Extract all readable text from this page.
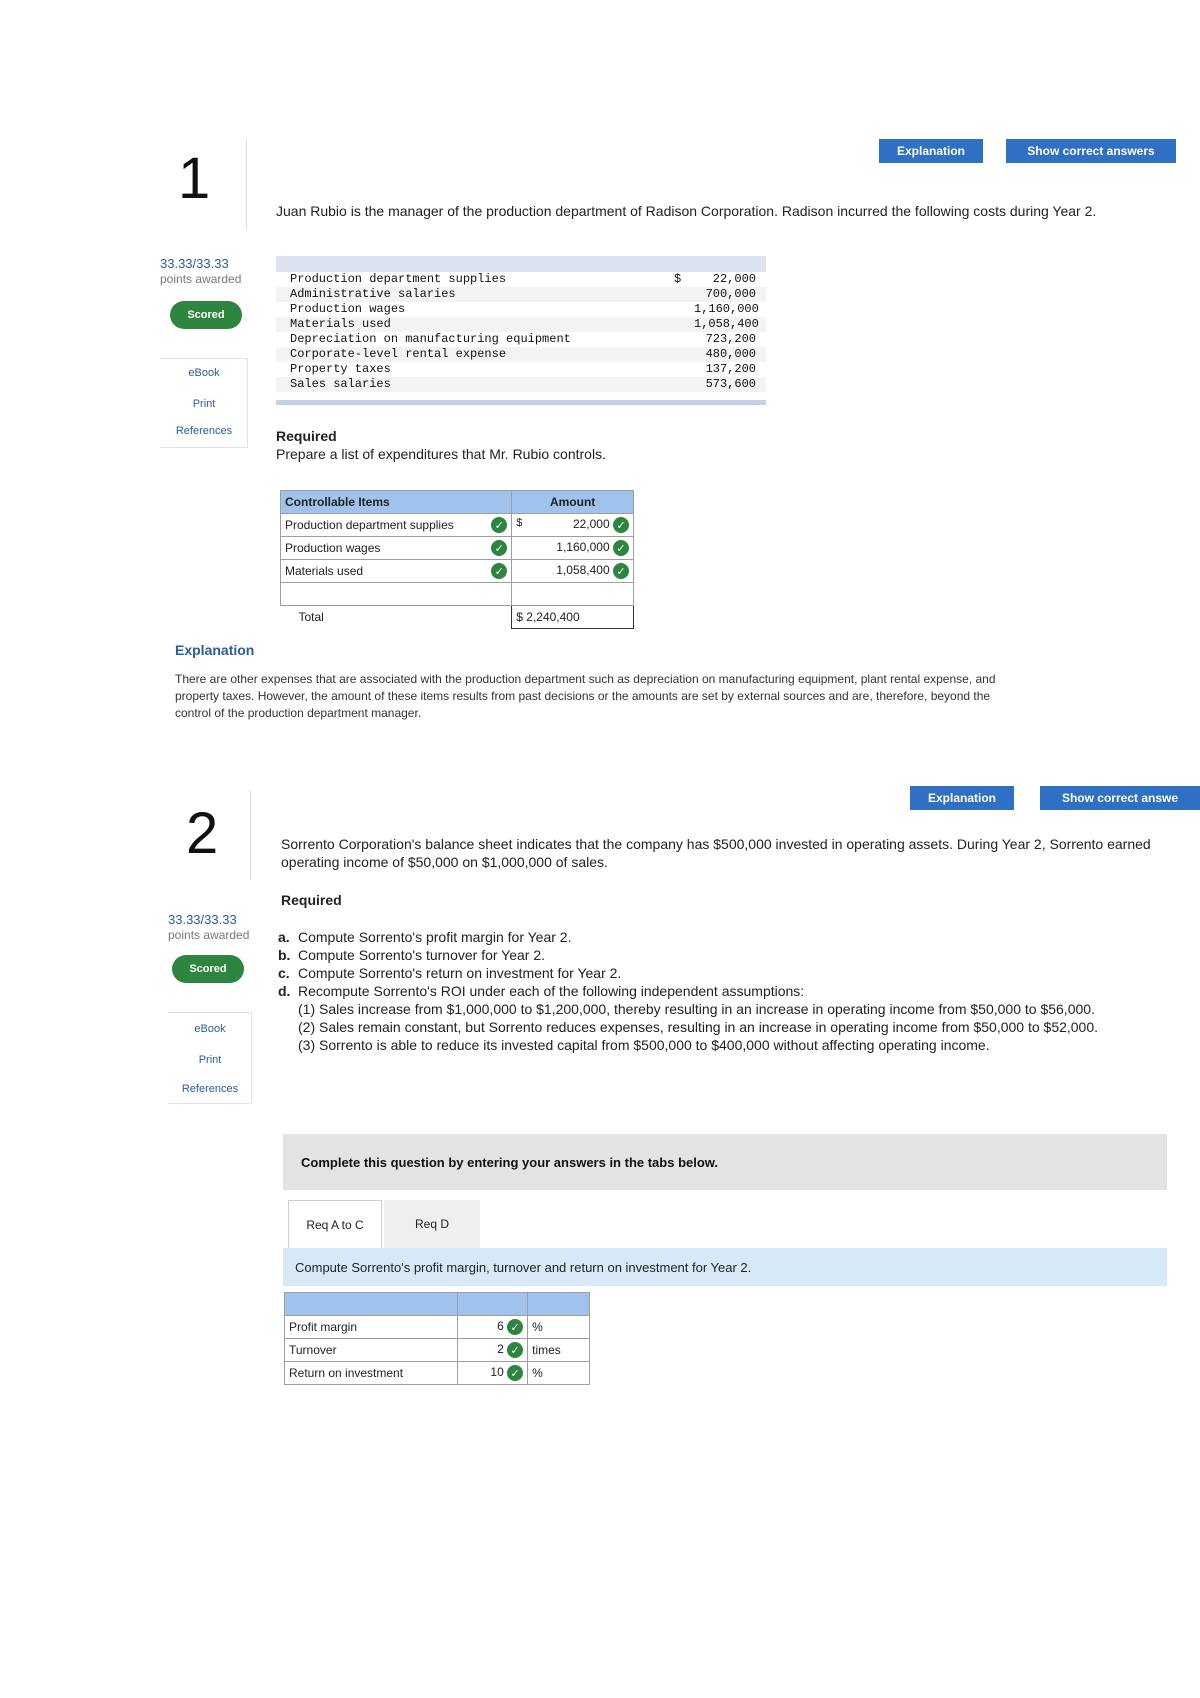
1
33.33/33.33
points awarded
Scored
eBook
Print
References
Explanation	Show correct answers
Juan Rubio is the manager of the production department of Radison Corporation. Radison incurred the following costs during Year 2.
Production department supplies	$	22,000
Administrative salaries	700,000
Production wages	1,160,000
Materials used	1,058,400
Depreciation on manufacturing equipment	723,200
Corporate-level rental expense	480,000
Property taxes	137,200
Sales salaries	573,600
Required
Prepare a list of expenditures that Mr. Rubio controls.
Controllable Items	Amount
Production department supplies ✓	$ 22,000 ✓
Production wages ✓	1,160,000 ✓
Materials used ✓	1,058,400 ✓

Total	$ 2,240,400
Explanation
There are other expenses that are associated with the production department such as depreciation on manufacturing equipment, plant rental expense, and property taxes. However, the amount of these items results from past decisions or the amounts are set by external sources and are, therefore, beyond the control of the production department manager.
2
33.33/33.33
points awarded
Scored
eBook
Print
References
Explanation	Show correct answe
Sorrento Corporation's balance sheet indicates that the company has $500,000 invested in operating assets. During Year 2, Sorrento earned operating income of $50,000 on $1,000,000 of sales.
Required
a. Compute Sorrento's profit margin for Year 2.
b. Compute Sorrento's turnover for Year 2.
c. Compute Sorrento's return on investment for Year 2.
d. Recompute Sorrento's ROI under each of the following independent assumptions:
(1) Sales increase from $1,000,000 to $1,200,000, thereby resulting in an increase in operating income from $50,000 to $56,000.
(2) Sales remain constant, but Sorrento reduces expenses, resulting in an increase in operating income from $50,000 to $52,000.
(3) Sorrento is able to reduce its invested capital from $500,000 to $400,000 without affecting operating income.
Complete this question by entering your answers in the tabs below.
Req A to C	Req D
Compute Sorrento's profit margin, turnover and return on investment for Year 2.

Profit margin	6 ✓	%
Turnover	2 ✓	times
Return on investment	10 ✓	%
